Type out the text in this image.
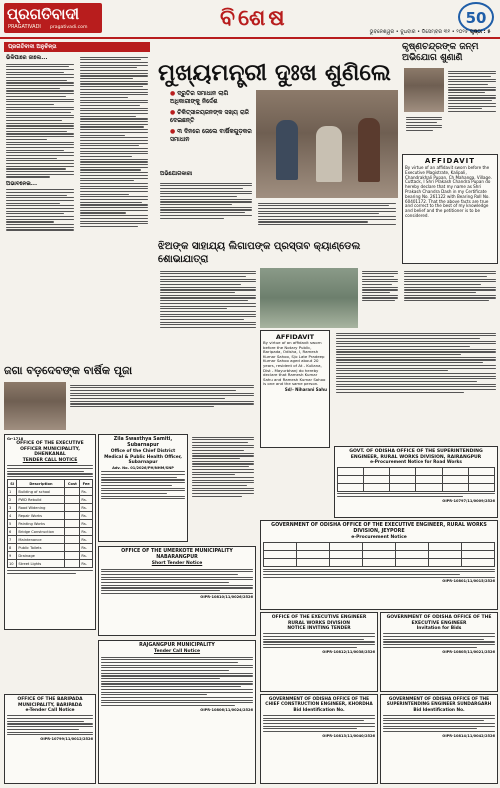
ପ୍ରଗତିବାଦୀ
PRAGATIVADI	pragativadi.com	ବିଶେଷ	50
ଭୁବନେଶ୍ୱର • ବୁଧବାର • ଡିସେମ୍ବର ୩୧ • ୨୦୨୫ ପୃଷ୍ଠା : ୫
ପ୍ରଗତିବାଦୀ ଅନୁଚିନ୍ତା
ଭିକିପାରେ ଜାଲେ...
ଅଭାବନେଇ...
ମୁଖ୍ୟମନ୍ତ୍ରୀ ଦୁଃଖ ଶୁଣିଲେ
● ଦ୍ରୁତିର ସମାଧାନ ଲାଗି ଅଧିକାରୀଙ୍କୁ ନିର୍ଦ୍ଦେଶ
● ଚିକିତ୍ସାଳୟଜନଙ୍କ ସଖ୍ୟ ରାଜି ଦେଇଛନ୍ତି
● ୩ ଦିନରେ ଜେଲେ ବାର୍ଷିକଗୁଡ଼କର ସମାଧାନ
ଅଭିଯୋଗକାରୀ
କୃଷ୍ଣଚନ୍ଦ୍ରଙ୍କ ଜନ୍ମ
ଅଭିଯୋଗ ଶୁଣାଣି
AFFIDAVIT
By virtue of an affidavit sworn before the Executive Magistrate, Kalipali, Chandrakhali Pupan, Ch Mahanga, Village. Cuttack, I Shri Prakash Chandra Pupan do hereby declare that my name as Shri Prakash Chandra Dash in my Certificate bearing No. 261122 with Bearing Roll No. 60401172. That the above facts are true and correct to the best of my knowledge and belief and the petitioner is to be considered.
ଝିଅଙ୍କ ସାହାଯ୍ୟ ଲିଗାପଙ୍କ ପ୍ରସ୍ତାବ କ୍ୟାଣ୍ଡେଲ ଶୋଭାଯାତ୍ରା
AFFIDAVIT
By virtue of an affidavit sworn before the Notary Public, Baripada, Odisha, I, Ramesh Kumar Sahoo, S/o Late Pradeep Kumar Sahoo aged about 20 years, resident of At - Kuliana, Dist - Mayurbhanj do hereby declare that Ramesh Kumar Sahu and Ramesh Kumar Sahoo is one and the same person.
Sd/- Niharani Sahu
ଜଗା ବଡ଼ଦେବଙ୍କ ବାର୍ଷିକ ପୂଜା
Gr-1718
OFFICE OF THE EXECUTIVE OFFICER MUNICIPALITY, DHENKANAL
TENDER CALL NOTICE
Sl	Description	Cost	Fee
1	Building of school		Rs.
2	PWD Rebuild		Rs.
3	Road Widening		Rs.
4	Repair Works		Rs.
5	Painting Works		Rs.
6	Bridge Construction		Rs.
7	Maintenance		Rs.
8	Public Toilets		Rs.
9	Drainage		Rs.
10	Street Lights		Rs.
Zila Swasthya Samiti, Subarnapur
Office of the Chief District Medical & Public Health Officer, Subarnapur
Adv. No. 01/2026/PH/NHM/SNP
OFFICE OF THE UMERKOTE MUNICIPALITY NABARANGPUR
Short Tender Notice
OIPR-10810/11/0026/2526
GOVT. OF ODISHA OFFICE OF THE SUPERINTENDING ENGINEER, RURAL WORKS DIVISION, RAIRANGPUR
e-Procurement Notice for Road Works

OIPR-10797/11/0009/2526
GOVERNMENT OF ODISHA OFFICE OF THE EXECUTIVE ENGINEER, RURAL WORKS DIVISION, JEYPORE
e-Procurement Notice

OIPR-10801/11/0015/2526
OFFICE OF THE EXECUTIVE ENGINEER RURAL WORKS DIVISION
NOTICE INVITING TENDER
OIPR-10812/11/0038/2526
GOVERNMENT OF ODISHA OFFICE OF THE EXECUTIVE ENGINEER
Invitation for Bids
OIPR-10805/11/0021/2526
OFFICE OF THE BARIPADA MUNICIPALITY, BARIPADA
e-Tender Call Notice
OIPR-10799/11/0012/2526
RAJGANGPUR MUNICIPALITY
Tender Call Notice
OIPR-10806/11/0024/2526
GOVERNMENT OF ODISHA OFFICE OF THE CHIEF CONSTRUCTION ENGINEER, KHORDHA
Bid Identification No.
OIPR-10813/11/0040/2526
GOVERNMENT OF ODISHA OFFICE OF THE SUPERINTENDING ENGINEER SUNDARGARH
Bid Identification No.
OIPR-10814/11/0042/2526
